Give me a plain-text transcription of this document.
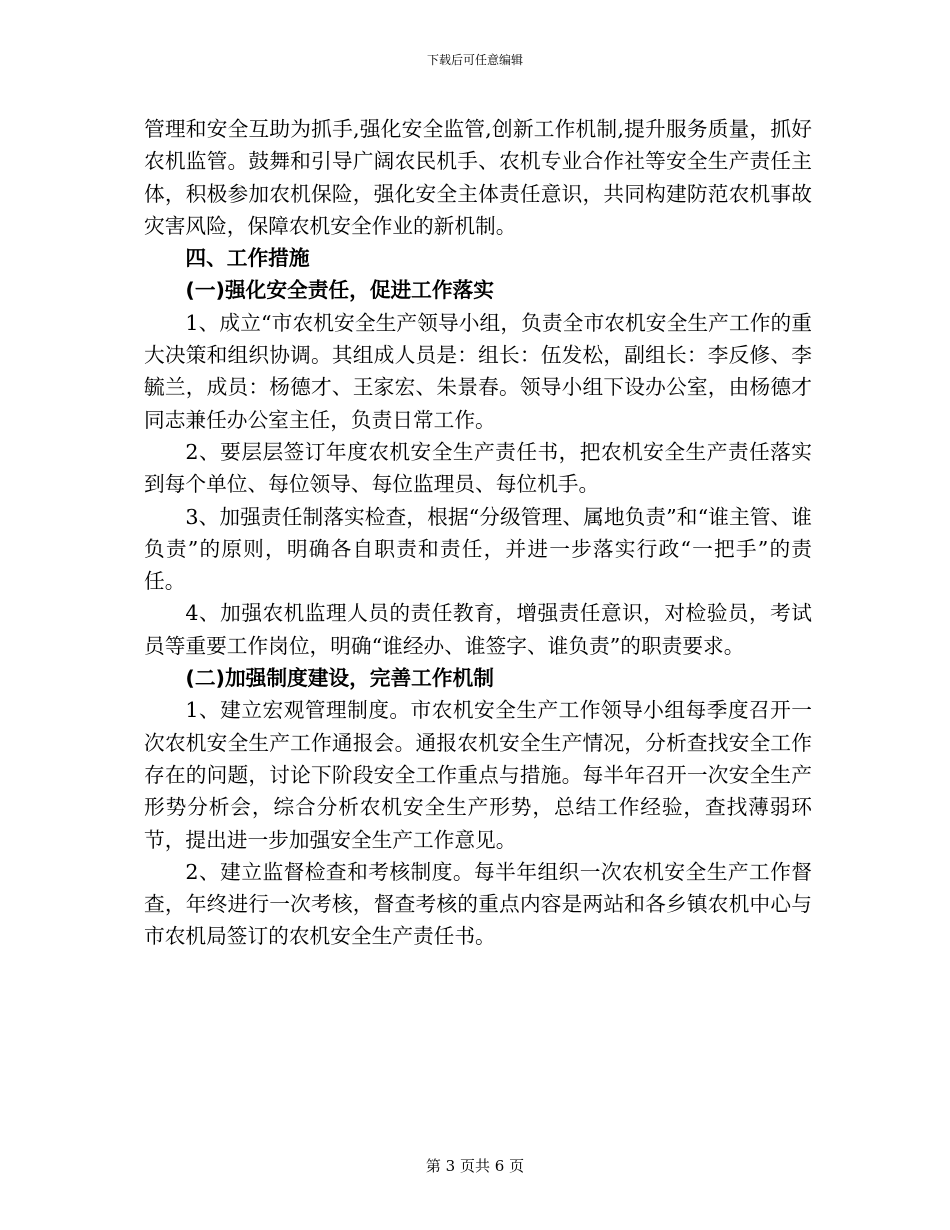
下载后可任意编辑

管理和安全互助为抓手,强化安全监管,创新工作机制,提升服务质量，抓好农机监管。鼓舞和引导广阔农民机手、农机专业合作社等安全生产责任主体，积极参加农机保险，强化安全主体责任意识，共同构建防范农机事故灾害风险，保障农机安全作业的新机制。

四、工作措施

(一)强化安全责任，促进工作落实

1、成立“市农机安全生产领导小组，负责全市农机安全生产工作的重大决策和组织协调。其组成人员是：组长：伍发松，副组长：李反修、李毓兰，成员：杨德才、王家宏、朱景春。领导小组下设办公室，由杨德才同志兼任办公室主任，负责日常工作。

2、要层层签订年度农机安全生产责任书，把农机安全生产责任落实到每个单位、每位领导、每位监理员、每位机手。

3、加强责任制落实检查，根据“分级管理、属地负责”和“谁主管、谁负责”的原则，明确各自职责和责任，并进一步落实行政“一把手”的责任。

4、加强农机监理人员的责任教育，增强责任意识，对检验员，考试员等重要工作岗位，明确“谁经办、谁签字、谁负责”的职责要求。

(二)加强制度建设，完善工作机制

1、建立宏观管理制度。市农机安全生产工作领导小组每季度召开一次农机安全生产工作通报会。通报农机安全生产情况，分析查找安全工作存在的问题，讨论下阶段安全工作重点与措施。每半年召开一次安全生产形势分析会，综合分析农机安全生产形势，总结工作经验，查找薄弱环节，提出进一步加强安全生产工作意见。

2、建立监督检查和考核制度。每半年组织一次农机安全生产工作督查，年终进行一次考核，督查考核的重点内容是两站和各乡镇农机中心与市农机局签订的农机安全生产责任书。

第 3 页共 6 页
